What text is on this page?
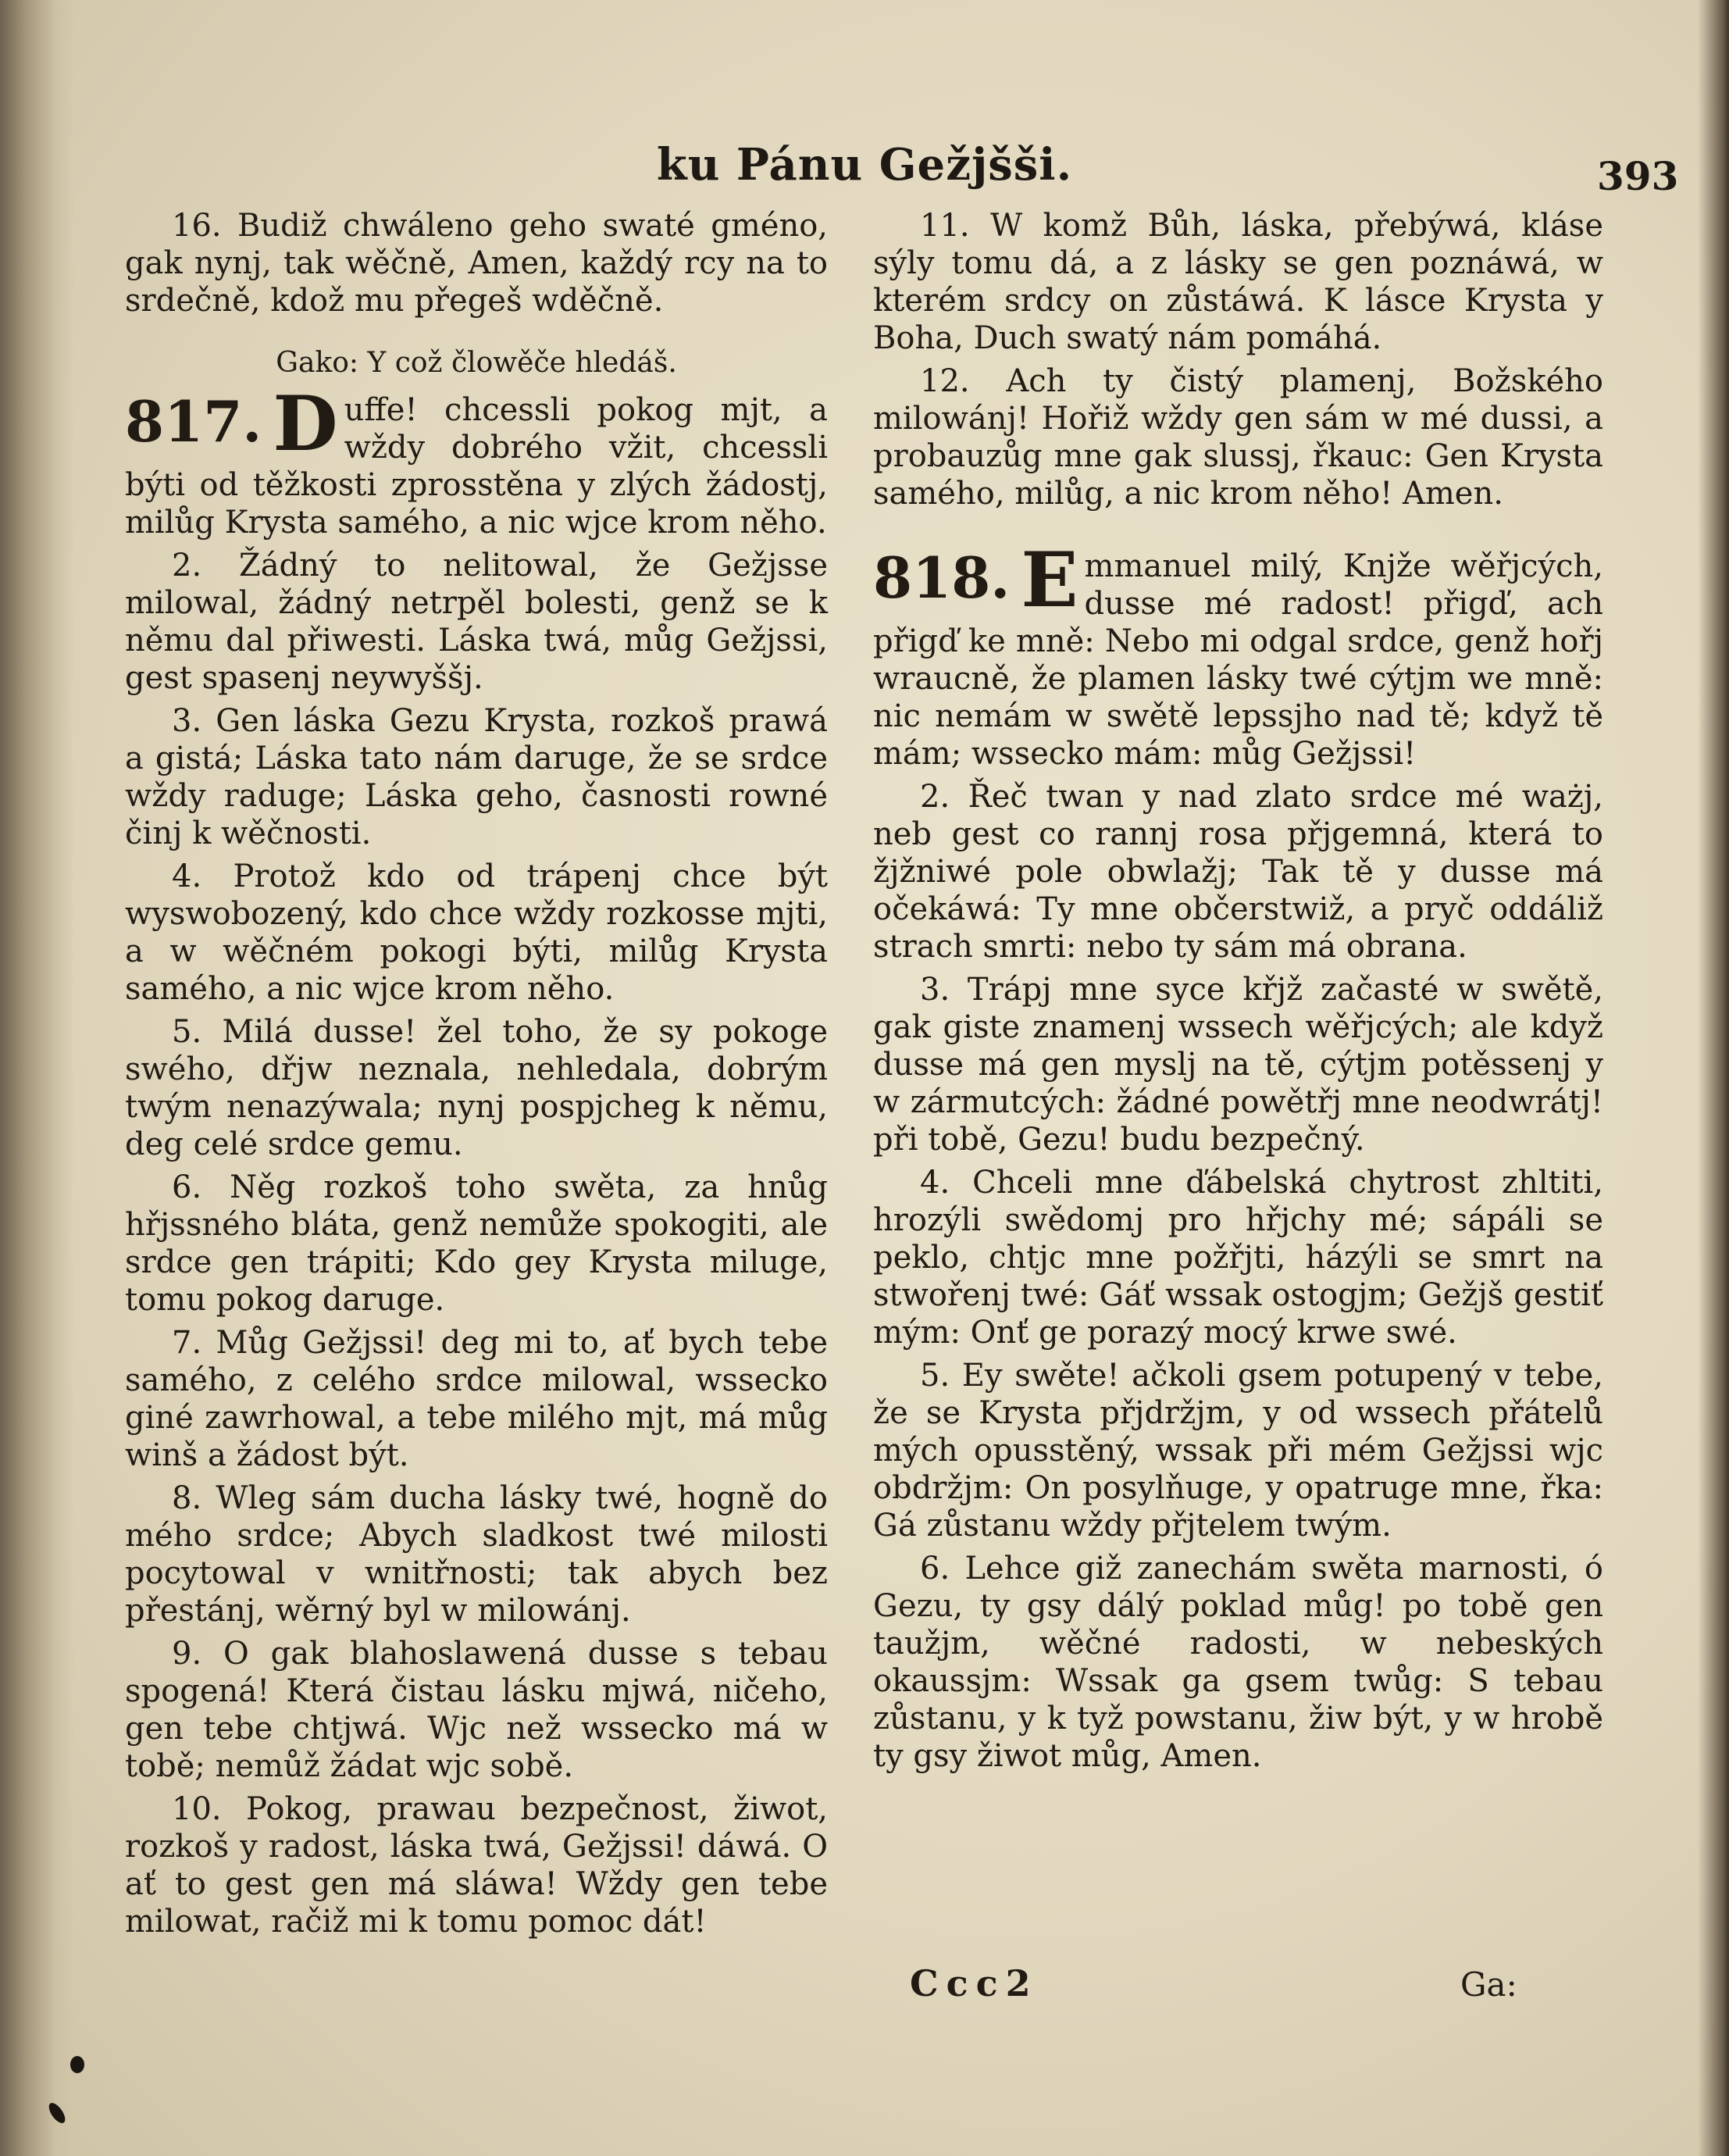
ku Pánu Gežjšši.	393

16. Budiž chwáleno geho swaté gméno, gak nynj, tak wěčně, Amen, každý rcy na to srdečně, kdož mu přegeš wděčně.

Gako: Y což člowěče hledáš.

817. D uffe! chcessli pokog mjt, a wždy dobrého vžit, chcessli býti od těžkosti zprosstěna y zlých žádostj, milůg Krysta samého, a nic wjce krom něho.

2. Žádný to nelitowal, že Gežjsse milowal, žádný netrpěl bolesti, genž se k němu dal přiwesti. Láska twá, můg Gežjssi, gest spasenj neywyššj.

3. Gen láska Gezu Krysta, rozkoš prawá a gistá; Láska tato nám daruge, že se srdce wždy raduge; Láska geho, časnosti rowné činj k wěčnosti.

4. Protož kdo od trápenj chce být wyswobozený, kdo chce wždy rozkosse mjti, a w wěčném pokogi býti, milůg Krysta samého, a nic wjce krom něho.

5. Milá dusse! žel toho, že sy pokoge swého, dřjw neznala, nehledala, dobrým twým nenazýwala; nynj pospjcheg k němu, deg celé srdce gemu.

6. Něg rozkoš toho swěta, za hnůg hřjssného bláta, genž nemůže spokogiti, ale srdce gen trápiti; Kdo gey Krysta miluge, tomu pokog daruge.

7. Můg Gežjssi! deg mi to, ať bych tebe samého, z celého srdce milowal, wssecko giné zawrhowal, a tebe milého mjt, má můg winš a žádost být.

8. Wleg sám ducha lásky twé, hogně do mého srdce; Abych sladkost twé milosti pocytowal v wnitřnosti; tak abych bez přestánj, wěrný byl w milowánj.

9. O gak blahoslawená dusse s tebau spogená! Která čistau lásku mjwá, ničeho, gen tebe chtjwá. Wjc než wssecko má w tobě; nemůž žádat wjc sobě.

10. Pokog, prawau bezpečnost, žiwot, rozkoš y radost, láska twá, Gežjssi! dáwá. O ať to gest gen má sláwa! Wždy gen tebe milowat, račiž mi k tomu pomoc dát!

11. W komž Bůh, láska, přebýwá, kláse sýly tomu dá, a z lásky se gen poznáwá, w kterém srdcy on zůstáwá. K lásce Krysta y Boha, Duch swatý nám pomáhá.

12. Ach ty čistý plamenj, Božského milowánj! Hořiž wždy gen sám w mé dussi, a probauzůg mne gak slussj, řkauc: Gen Krysta samého, milůg, a nic krom něho! Amen.

818. E mmanuel milý, Knjže wěřjcých, dusse mé radost! přigď, ach přigď ke mně: Nebo mi odgal srdce, genž hořj wraucně, že plamen lásky twé cýtjm we mně: nic nemám w swětě lepssjho nad tě; když tě mám; wssecko mám: můg Gežjssi!

2. Řeč twan y nad zlato srdce mé ważj, neb gest co rannj rosa přjgemná, která to žjžniwé pole obwlažj; Tak tě y dusse má očekáwá: Ty mne občerstwiž, a pryč oddáliž strach smrti: nebo ty sám má obrana.

3. Trápj mne syce křjž začasté w swětě, gak giste znamenj wssech wěřjcých; ale když dusse má gen myslj na tě, cýtjm potěssenj y w zármutcých: žádné powětřj mne neodwrátj! při tobě, Gezu! budu bezpečný.

4. Chceli mne ďábelská chytrost zhltiti, hrozýli swědomj pro hřjchy mé; sápáli se peklo, chtjc mne požřjti, házýli se smrt na stwořenj twé: Gáť wssak ostogjm; Gežjš gestiť mým: Onť ge porazý mocý krwe swé.

5. Ey swěte! ačkoli gsem potupený v tebe, že se Krysta přjdržjm, y od wssech přátelů mých opusstěný, wssak při mém Gežjssi wjc obdržjm: On posylňuge, y opatruge mne, řka: Gá zůstanu wždy přjtelem twým.

6. Lehce giž zanechám swěta marnosti, ó Gezu, ty gsy dálý poklad můg! po tobě gen taužjm, wěčné radosti, w nebeských okaussjm: Wssak ga gsem twůg: S tebau zůstanu, y k tyž powstanu, žiw být, y w hrobě ty gsy žiwot můg, Amen.

Ccc2	Ga:
